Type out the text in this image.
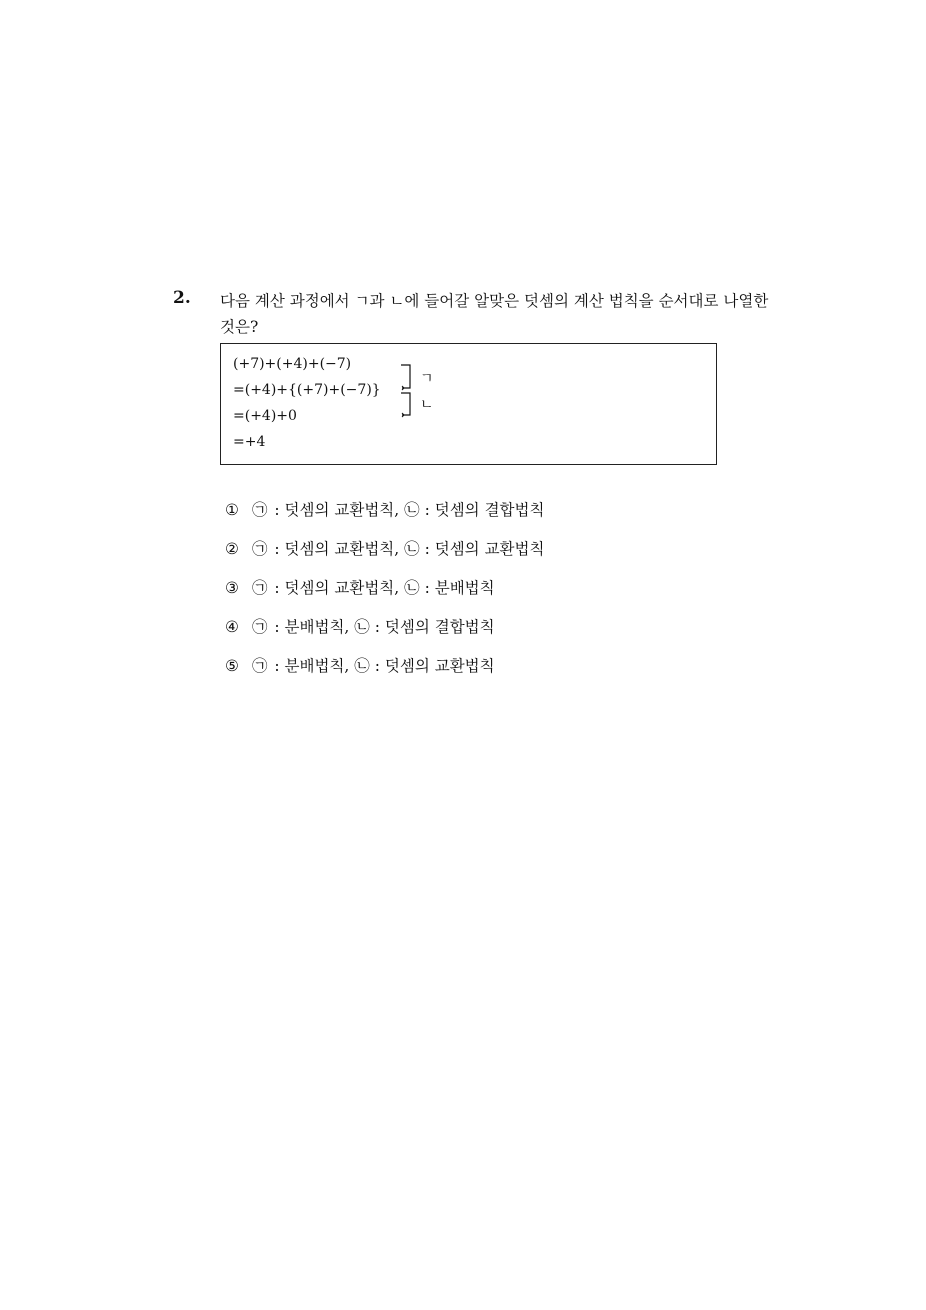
2. 다음 계산 과정에서 ㄱ과 ㄴ에 들어갈 알맞은 덧셈의 계산 법칙을 순서대로 나열한
것은?
(+7)+(+4)+(−7)
=(+4)+{(+7)+(−7)}
=(+4)+0
=+4
ㄱ
ㄴ
① ㉠ : 덧셈의 교환법칙, ㉡ : 덧셈의 결합법칙
② ㉠ : 덧셈의 교환법칙, ㉡ : 덧셈의 교환법칙
③ ㉠ : 덧셈의 교환법칙, ㉡ : 분배법칙
④ ㉠ : 분배법칙, ㉡ : 덧셈의 결합법칙
⑤ ㉠ : 분배법칙, ㉡ : 덧셈의 교환법칙
